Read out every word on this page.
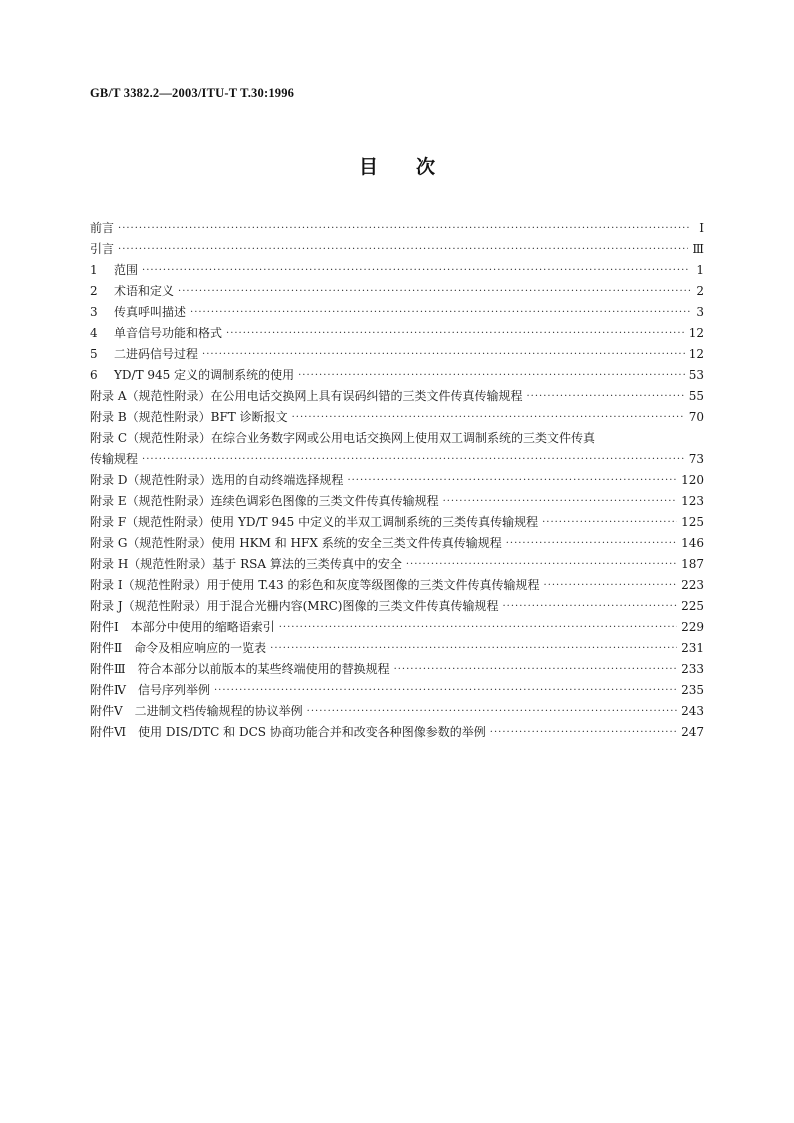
GB/T 3382.2—2003/ITU-T T.30:1996
目次
前言 ·····	Ⅰ
引言 ·····	Ⅲ
1	范围 ·····	1
2	术语和定义 ·····	2
3	传真呼叫描述 ·····	3
4	单音信号功能和格式 ·····	12
5	二进码信号过程 ·····	12
6	YD/T 945 定义的调制系统的使用 ·····	53
附录 A（规范性附录）在公用电话交换网上具有误码纠错的三类文件传真传输规程 ·····	55
附录 B（规范性附录）BFT 诊断报文 ·····	70
附录 C（规范性附录）在综合业务数字网或公用电话交换网上使用双工调制系统的三类文件传真
传输规程 ·····	73
附录 D（规范性附录）选用的自动终端选择规程 ·····	120
附录 E（规范性附录）连续色调彩色图像的三类文件传真传输规程 ·····	123
附录 F（规范性附录）使用 YD/T 945 中定义的半双工调制系统的三类传真传输规程 ·····	125
附录 G（规范性附录）使用 HKM 和 HFX 系统的安全三类文件传真传输规程 ·····	146
附录 H（规范性附录）基于 RSA 算法的三类传真中的安全 ·····	187
附录 I（规范性附录）用于使用 T.43 的彩色和灰度等级图像的三类文件传真传输规程 ·····	223
附录 J（规范性附录）用于混合光栅内容(MRC)图像的三类文件传真传输规程 ·····	225
附件Ⅰ　本部分中使用的缩略语索引 ·····	229
附件Ⅱ　命令及相应响应的一览表 ·····	231
附件Ⅲ　符合本部分以前版本的某些终端使用的替换规程 ·····	233
附件Ⅳ　信号序列举例 ·····	235
附件Ⅴ　二进制文档传输规程的协议举例 ·····	243
附件Ⅵ　使用 DIS/DTC 和 DCS 协商功能合并和改变各种图像参数的举例 ·····	247
